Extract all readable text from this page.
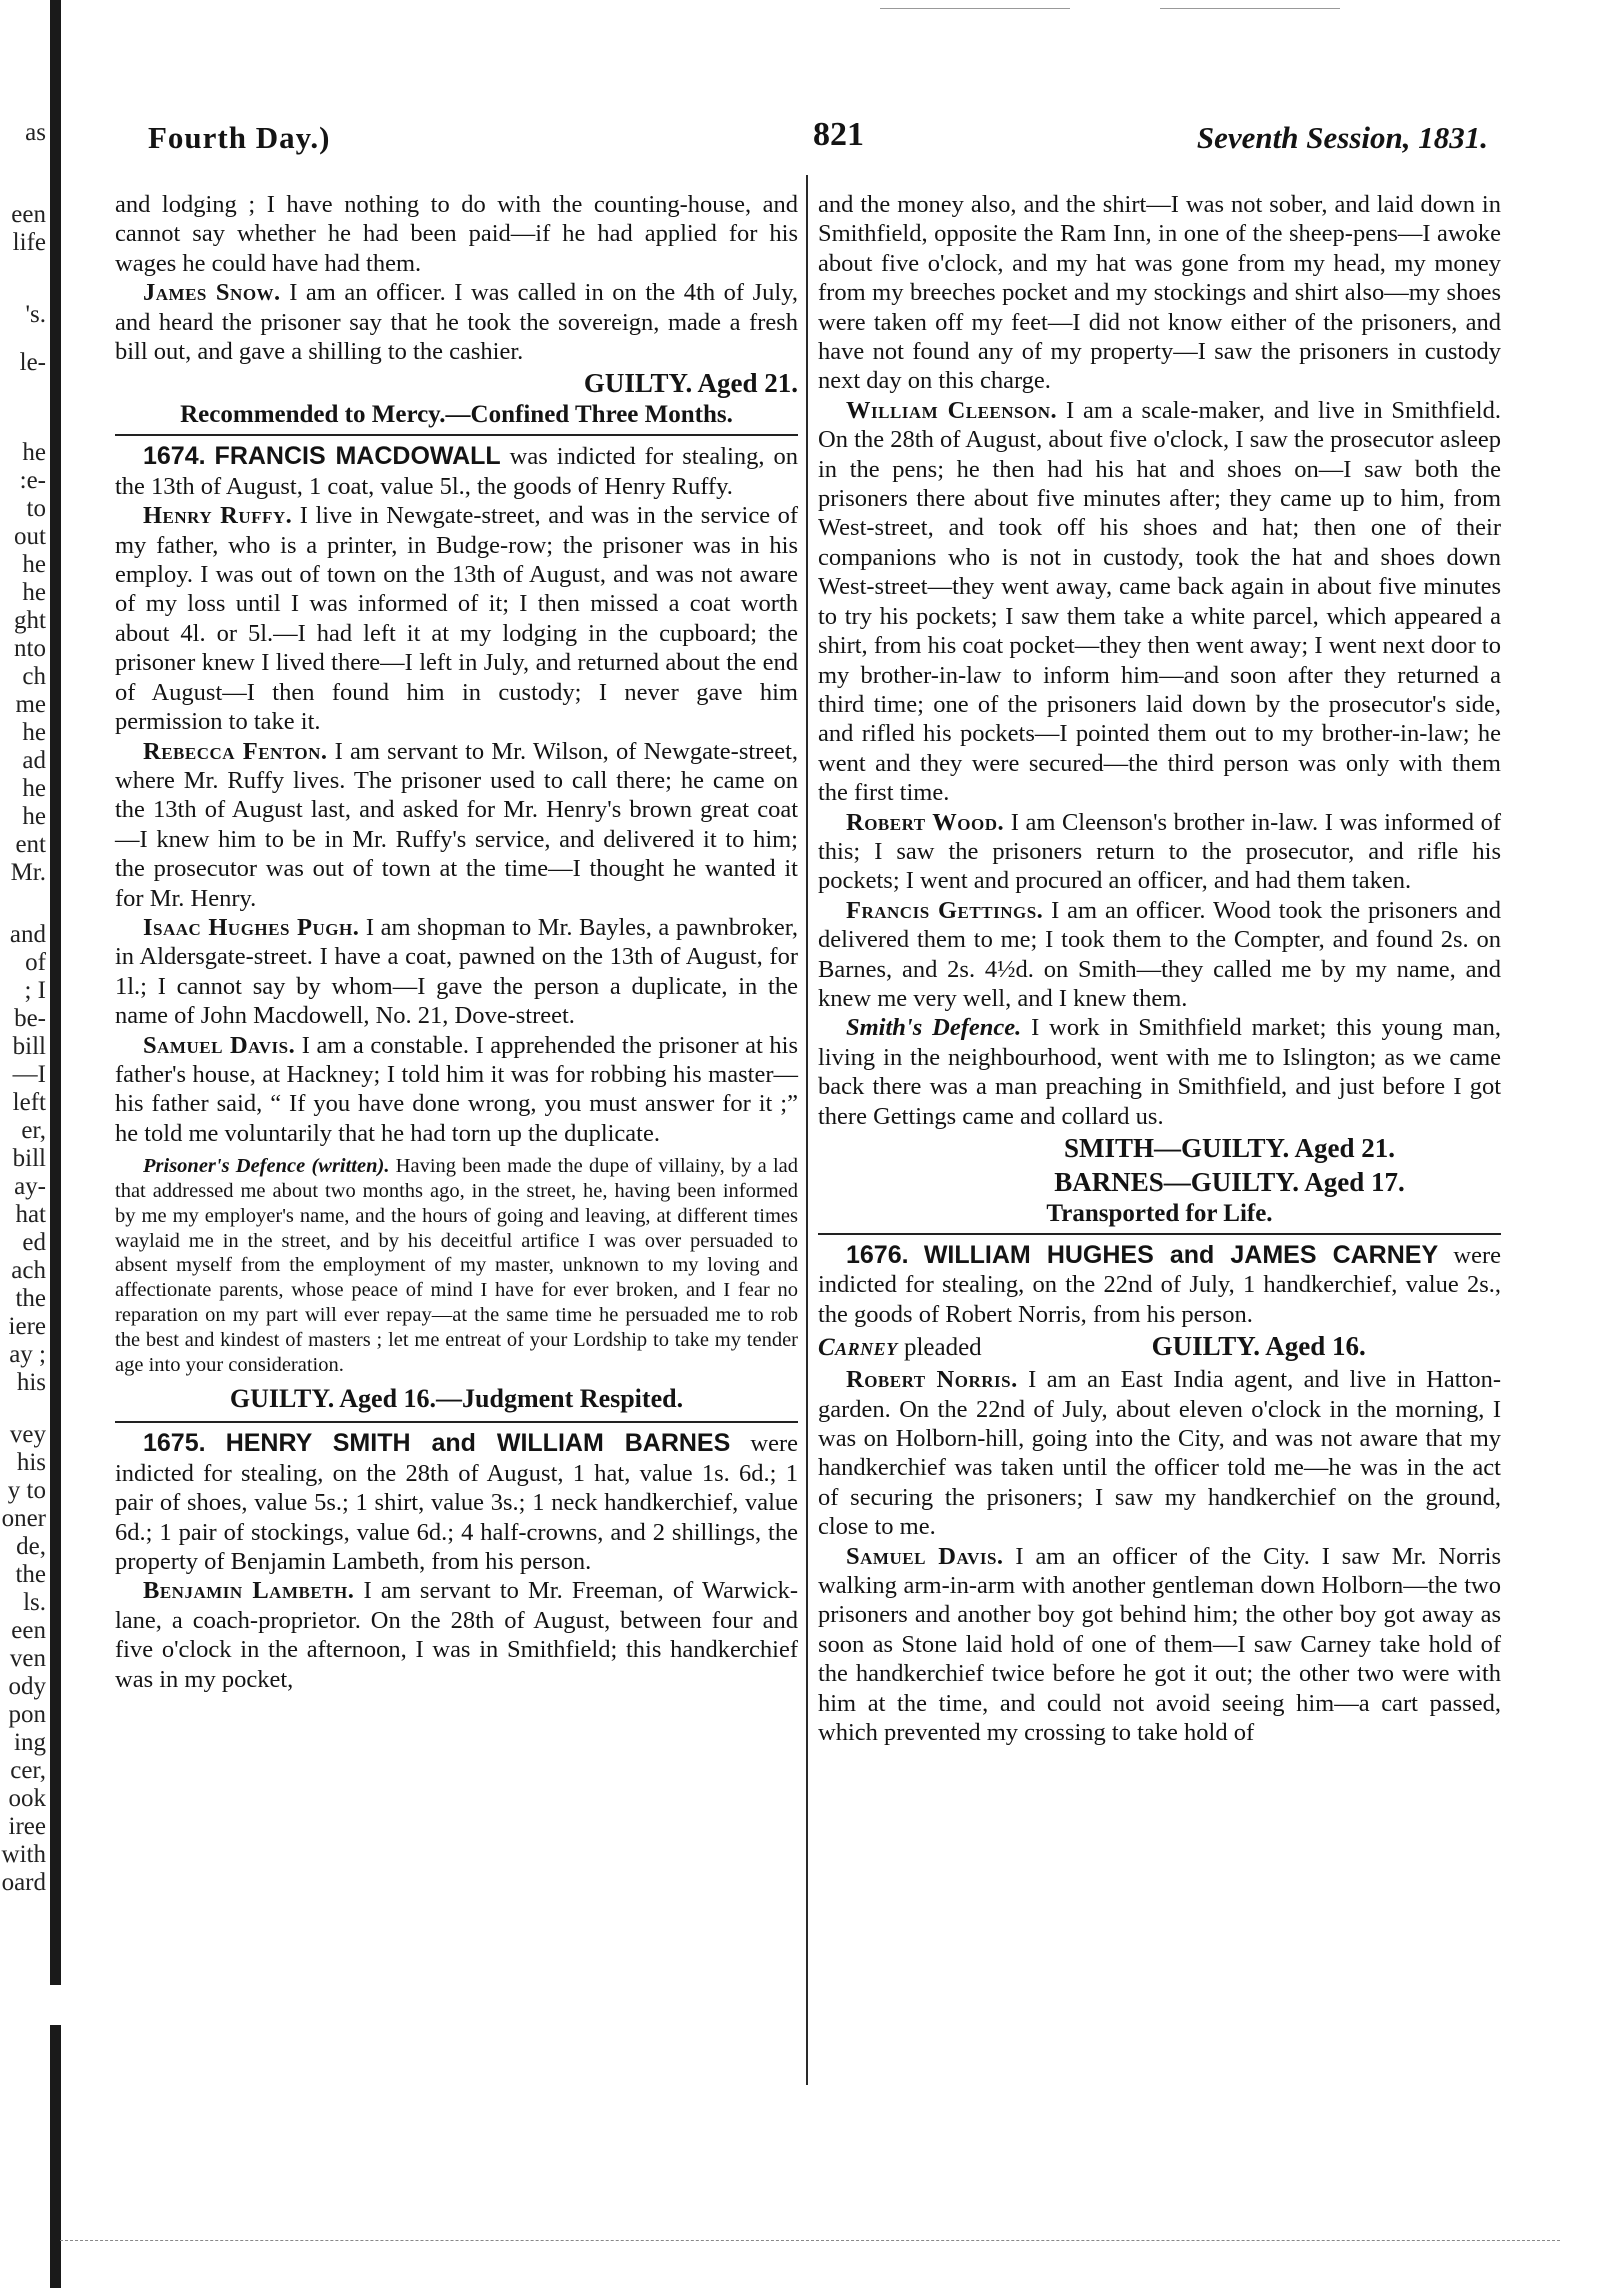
as
een
life
's.
le-
he
:e-
to
out
he
he
ght
nto
ch
me
he
ad
he
he
ent
Mr.
and
of
; I
be-
bill
—I
left
er,
bill
ay-
hat
ed
ach
the
iere
ay ;
his
vey
his
y to
oner
de,
the
ls.
een
ven
ody
pon
ing
cer,
ook
iree
with
oard
Fourth Day.)	821	Seventh Session, 1831.

and lodging ; I have nothing to do with the counting-house, and cannot say whether he had been paid—if he had applied for his wages he could have had them.

James Snow. I am an officer. I was called in on the 4th of July, and heard the prisoner say that he took the sovereign, made a fresh bill out, and gave a shilling to the cashier.

GUILTY. Aged 21.
Recommended to Mercy.—Confined Three Months.

1674. FRANCIS MACDOWALL was indicted for stealing, on the 13th of August, 1 coat, value 5l., the goods of Henry Ruffy.

Henry Ruffy. I live in Newgate-street, and was in the service of my father, who is a printer, in Budge-row; the prisoner was in his employ. I was out of town on the 13th of August, and was not aware of my loss until I was informed of it; I then missed a coat worth about 4l. or 5l.—I had left it at my lodging in the cupboard; the prisoner knew I lived there—I left in July, and returned about the end of August—I then found him in custody; I never gave him permission to take it.

Rebecca Fenton. I am servant to Mr. Wilson, of Newgate-street, where Mr. Ruffy lives. The prisoner used to call there; he came on the 13th of August last, and asked for Mr. Henry's brown great coat—I knew him to be in Mr. Ruffy's service, and delivered it to him; the prosecutor was out of town at the time—I thought he wanted it for Mr. Henry.

Isaac Hughes Pugh. I am shopman to Mr. Bayles, a pawnbroker, in Aldersgate-street. I have a coat, pawned on the 13th of August, for 1l.; I cannot say by whom—I gave the person a duplicate, in the name of John Macdowell, No. 21, Dove-street.

Samuel Davis. I am a constable. I apprehended the prisoner at his father's house, at Hackney; I told him it was for robbing his master—his father said, “ If you have done wrong, you must answer for it ;” he told me voluntarily that he had torn up the duplicate.

Prisoner's Defence (written). Having been made the dupe of villainy, by a lad that addressed me about two months ago, in the street, he, having been informed by me my employer's name, and the hours of going and leaving, at different times waylaid me in the street, and by his deceitful artifice I was over persuaded to absent myself from the employment of my master, unknown to my loving and affectionate parents, whose peace of mind I have for ever broken, and I fear no reparation on my part will ever repay—at the same time he persuaded me to rob the best and kindest of masters ; let me entreat of your Lordship to take my tender age into your consideration.

GUILTY. Aged 16.—Judgment Respited.

1675. HENRY SMITH and WILLIAM BARNES were indicted for stealing, on the 28th of August, 1 hat, value 1s. 6d.; 1 pair of shoes, value 5s.; 1 shirt, value 3s.; 1 neck handkerchief, value 6d.; 1 pair of stockings, value 6d.; 4 half-crowns, and 2 shillings, the property of Benjamin Lambeth, from his person.

Benjamin Lambeth. I am servant to Mr. Freeman, of Warwick-lane, a coach-proprietor. On the 28th of August, between four and five o'clock in the afternoon, I was in Smithfield; this handkerchief was in my pocket,

and the money also, and the shirt—I was not sober, and laid down in Smithfield, opposite the Ram Inn, in one of the sheep-pens—I awoke about five o'clock, and my hat was gone from my head, my money from my breeches pocket and my stockings and shirt also—my shoes were taken off my feet—I did not know either of the prisoners, and have not found any of my property—I saw the prisoners in custody next day on this charge.

William Cleenson. I am a scale-maker, and live in Smithfield. On the 28th of August, about five o'clock, I saw the prosecutor asleep in the pens; he then had his hat and shoes on—I saw both the prisoners there about five minutes after; they came up to him, from West-street, and took off his shoes and hat; then one of their companions who is not in custody, took the hat and shoes down West-street—they went away, came back again in about five minutes to try his pockets; I saw them take a white parcel, which appeared a shirt, from his coat pocket—they then went away; I went next door to my brother-in-law to inform him—and soon after they returned a third time; one of the prisoners laid down by the prosecutor's side, and rifled his pockets—I pointed them out to my brother-in-law; he went and they were secured—the third person was only with them the first time.

Robert Wood. I am Cleenson's brother in-law. I was informed of this; I saw the prisoners return to the prosecutor, and rifle his pockets; I went and procured an officer, and had them taken.

Francis Gettings. I am an officer. Wood took the prisoners and delivered them to me; I took them to the Compter, and found 2s. on Barnes, and 2s. 4½d. on Smith—they called me by my name, and knew me very well, and I knew them.

Smith's Defence. I work in Smithfield market; this young man, living in the neighbourhood, went with me to Islington; as we came back there was a man preaching in Smithfield, and just before I got there Gettings came and collard us.

SMITH—GUILTY. Aged 21.
BARNES—GUILTY. Aged 17.
Transported for Life.

1676. WILLIAM HUGHES and JAMES CARNEY were indicted for stealing, on the 22nd of July, 1 handkerchief, value 2s., the goods of Robert Norris, from his person.

Carney pleaded	GUILTY. Aged 16.

Robert Norris. I am an East India agent, and live in Hatton-garden. On the 22nd of July, about eleven o'clock in the morning, I was on Holborn-hill, going into the City, and was not aware that my handkerchief was taken until the officer told me—he was in the act of securing the prisoners; I saw my handkerchief on the ground, close to me.

Samuel Davis. I am an officer of the City. I saw Mr. Norris walking arm-in-arm with another gentleman down Holborn—the two prisoners and another boy got behind him; the other boy got away as soon as Stone laid hold of one of them—I saw Carney take hold of the handkerchief twice before he got it out; the other two were with him at the time, and could not avoid seeing him—a cart passed, which prevented my crossing to take hold of
